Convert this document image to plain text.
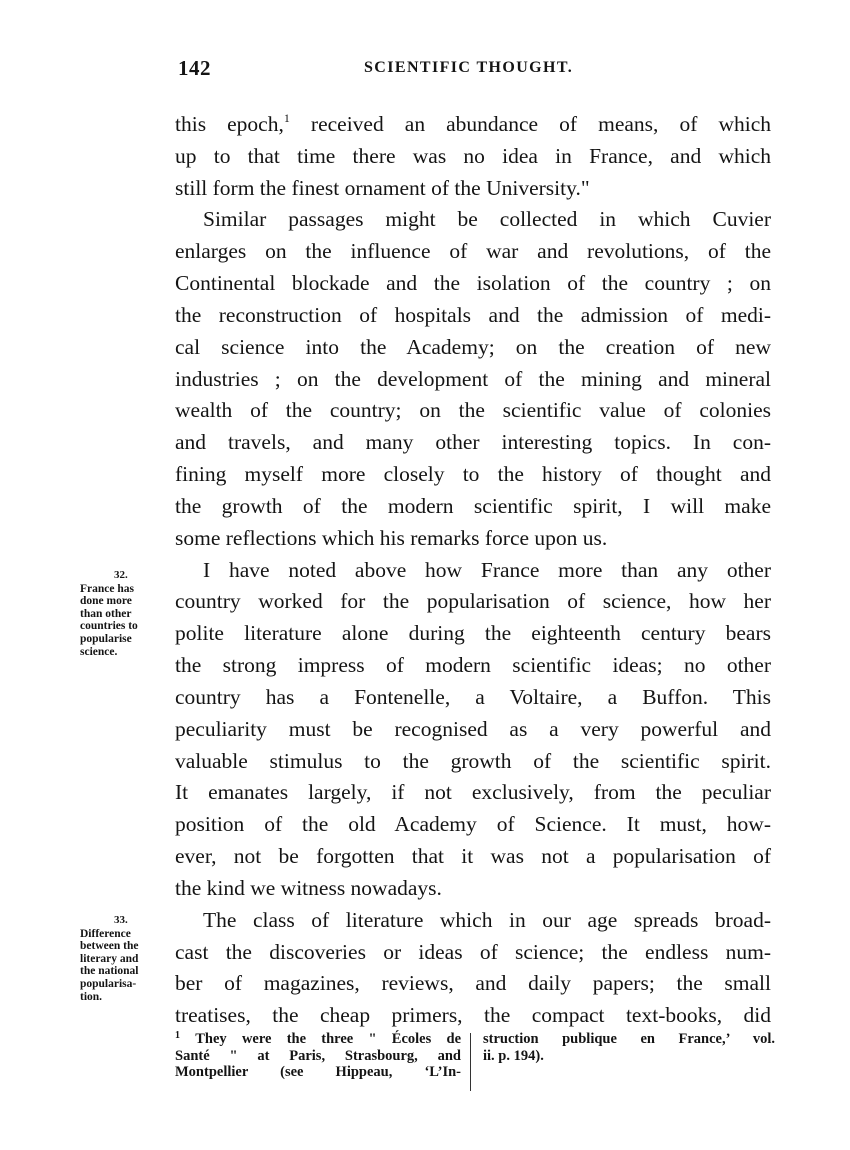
142	SCIENTIFIC THOUGHT.
this epoch,$^1$ received an abundance of means, of which
up to that time there was no idea in France, and which
still form the finest ornament of the University."
Similar passages might be collected in which Cuvier
enlarges on the influence of war and revolutions, of the
Continental blockade and the isolation of the country ; on
the reconstruction of hospitals and the admission of medi-
cal science into the Academy; on the creation of new
industries ; on the development of the mining and mineral
wealth of the country; on the scientific value of colonies
and travels, and many other interesting topics. In con-
fining myself more closely to the history of thought and
the growth of the modern scientific spirit, I will make
some reflections which his remarks force upon us.
I have noted above how France more than any other
country worked for the popularisation of science, how her
polite literature alone during the eighteenth century bears
the strong impress of modern scientific ideas; no other
country has a Fontenelle, a Voltaire, a Buffon. This
peculiarity must be recognised as a very powerful and
valuable stimulus to the growth of the scientific spirit.
It emanates largely, if not exclusively, from the peculiar
position of the old Academy of Science. It must, how-
ever, not be forgotten that it was not a popularisation of
the kind we witness nowadays.
The class of literature which in our age spreads broad-
cast the discoveries or ideas of science; the endless num-
ber of magazines, reviews, and daily papers; the small
treatises, the cheap primers, the compact text-books, did
32.
France has
done more
than other
countries to
popularise
science.
33.
Difference
between the
literary and
the national
popularisa-
tion.
$^1$ They were the three " Écoles de
Santé " at Paris, Strasbourg, and
Montpellier (see Hippeau, ‘L’In-
struction publique en France,’ vol.
ii. p. 194).
